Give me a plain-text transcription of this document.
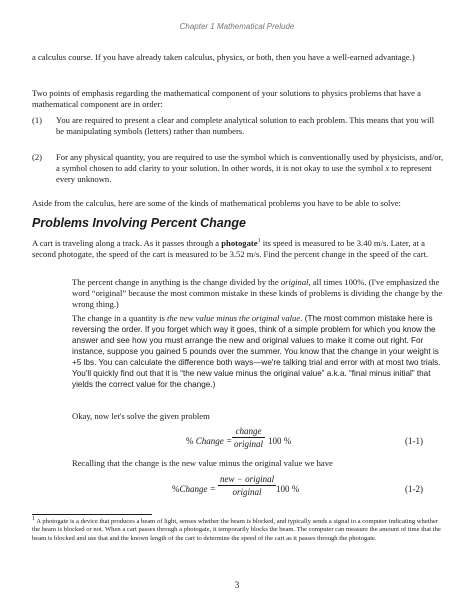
Chapter 1 Mathematical Prelude
a calculus course. If you have already taken calculus, physics, or both, then you have a well-earned advantage.)
Two points of emphasis regarding the mathematical component of your solutions to physics problems that have a mathematical component are in order:
(1)	You are required to present a clear and complete analytical solution to each problem. This means that you will be manipulating symbols (letters) rather than numbers.
(2)	For any physical quantity, you are required to use the symbol which is conventionally used by physicists, and/or, a symbol chosen to add clarity to your solution. In other words, it is not okay to use the symbol x to represent every unknown.
Aside from the calculus, here are some of the kinds of mathematical problems you have to be able to solve:
Problems Involving Percent Change
A cart is traveling along a track. As it passes through a photogate$^1$ its speed is measured to be 3.40 m/s. Later, at a second photogate, the speed of the cart is measured to be 3.52 m/s. Find the percent change in the speed of the cart.
The percent change in anything is the change divided by the original, all times 100%. (I've emphasized the word “original” because the most common mistake in these kinds of problems is dividing the change by the wrong thing.)
The change in a quantity is the new value minus the original value. (The most common mistake here is reversing the order. If you forget which way it goes, think of a simple problem for which you know the answer and see how you must arrange the new and original values to make it come out right. For instance, suppose you gained 5 pounds over the summer. You know that the change in your weight is +5 lbs. You can calculate the difference both ways—we're talking trial and error with at most two trials. You'll quickly find out that it is “the new value minus the original value” a.k.a. “final minus initial” that yields the correct value for the change.)
Okay, now let's solve the given problem
% Change =
change
original 100 %	(1-1)
Recalling that the change is the new value minus the original value we have
%Change =
new − original
original	100 %	(1-2)
$^1$ A photogate is a device that produces a beam of light, senses whether the beam is blocked, and typically sends a signal to a computer indicating whether the beam is blocked or not. When a cart passes through a photogate, it temporarily blocks the beam. The computer can measure the amount of time that the beam is blocked and use that and the known length of the cart to determine the speed of the cart as it passes through the photogate.
3
